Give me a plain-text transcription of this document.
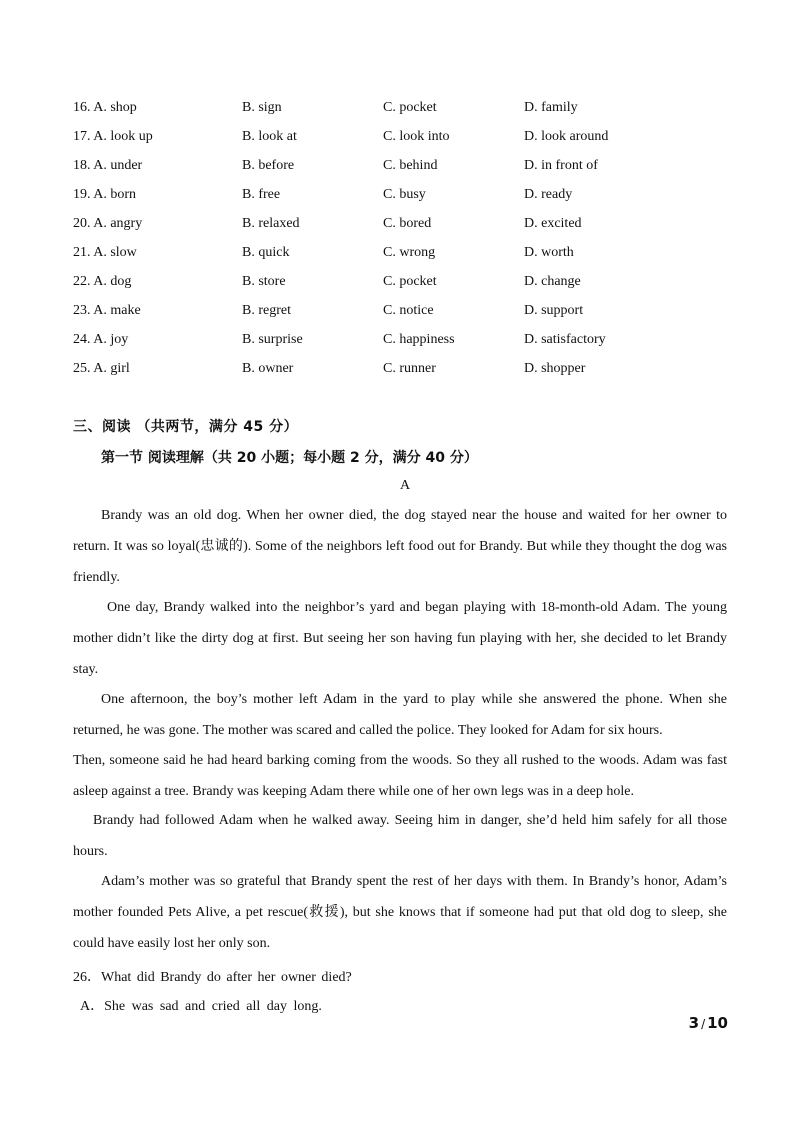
16. A. shop	B. sign	C. pocket	D. family
17. A. look up	B. look at	C. look into	D. look around
18. A. under	B. before	C. behind	D. in front of
19. A. born	B. free	C. busy	D. ready
20. A. angry	B. relaxed	C. bored	D. excited
21. A. slow	B. quick	C. wrong	D. worth
22. A. dog	B. store	C. pocket	D. change
23. A. make	B. regret	C. notice	D. support
24. A. joy	B. surprise	C. happiness	D. satisfactory
25. A. girl	B. owner	C. runner	D. shopper
三、阅读 （共两节，满分 45 分）
第一节 阅读理解（共 20 小题；每小题 2 分，满分 40 分）
A
Brandy was an old dog. When her owner died, the dog stayed near the house and waited for her owner to return. It was so loyal(忠诚的). Some of the neighbors left food out for Brandy. But while they thought the dog was friendly.
One day, Brandy walked into the neighbor’s yard and began playing with 18-month-old Adam. The young mother didn’t like the dirty dog at first. But seeing her son having fun playing with her, she decided to let Brandy stay.
One afternoon, the boy’s mother left Adam in the yard to play while she answered the phone. When she returned, he was gone. The mother was scared and called the police. They looked for Adam for six hours.
Then, someone said he had heard barking coming from the woods. So they all rushed to the woods. Adam was fast asleep against a tree. Brandy was keeping Adam there while one of her own legs was in a deep hole.
Brandy had followed Adam when he walked away. Seeing him in danger, she’d held him safely for all those hours.
Adam’s mother was so grateful that Brandy spent the rest of her days with them. In Brandy’s honor, Adam’s mother founded Pets Alive, a pet rescue(救援), but she knows that if someone had put that old dog to sleep, she could have easily lost her only son.
26．What did Brandy do after her owner died?
A．She was sad and cried all day long.
3 / 10
